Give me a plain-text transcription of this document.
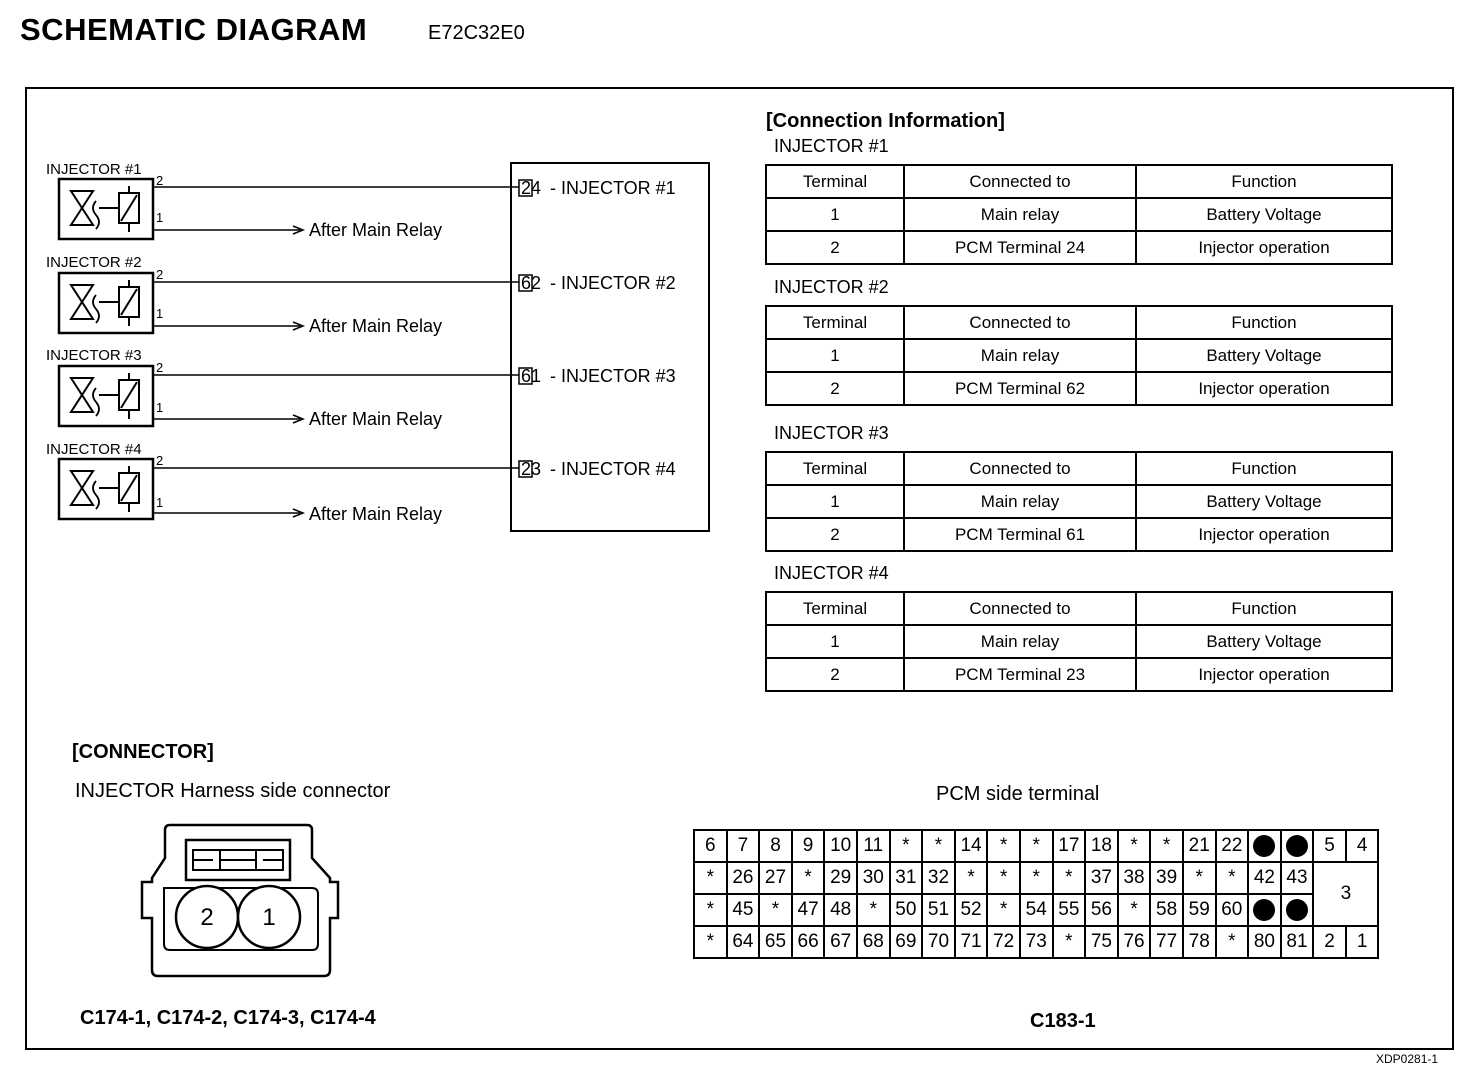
SCHEMATIC DIAGRAM	E72C32E0
XDP0281-1
INJECTOR #1
2
1
After Main Relay
INJECTOR #2
2
1
After Main Relay
INJECTOR #3
2
1
After Main Relay
INJECTOR #4
2
1
After Main Relay
24 - INJECTOR #1
62 - INJECTOR #2
61 - INJECTOR #3
23 - INJECTOR #4
2 1
[Connection Information]
INJECTOR #1
Terminal	Connected to	Function
1	Main relay	Battery Voltage
2	PCM Terminal 24	Injector operation
INJECTOR #2
Terminal	Connected to	Function
1	Main relay	Battery Voltage
2	PCM Terminal 62	Injector operation
INJECTOR #3
Terminal	Connected to	Function
1	Main relay	Battery Voltage
2	PCM Terminal 61	Injector operation
INJECTOR #4
Terminal	Connected to	Function
1	Main relay	Battery Voltage
2	PCM Terminal 23	Injector operation
[CONNECTOR]
INJECTOR Harness side connector
C174-1, C174-2, C174-3, C174-4
PCM side terminal
C183-1
6	7	8	9	10	11	*	*	14	*	*	17	18	*	*	21	22			5	4
*	26	27	*	29	30	31	32	*	*	*	*	37	38	39	*	*	42	43	3	
*	45	*	47	48	*	50	51	52	*	54	55	56	*	58	59	60				
*	64	65	66	67	68	69	70	71	72	73	*	75	76	77	78	*	80	81	2	1
